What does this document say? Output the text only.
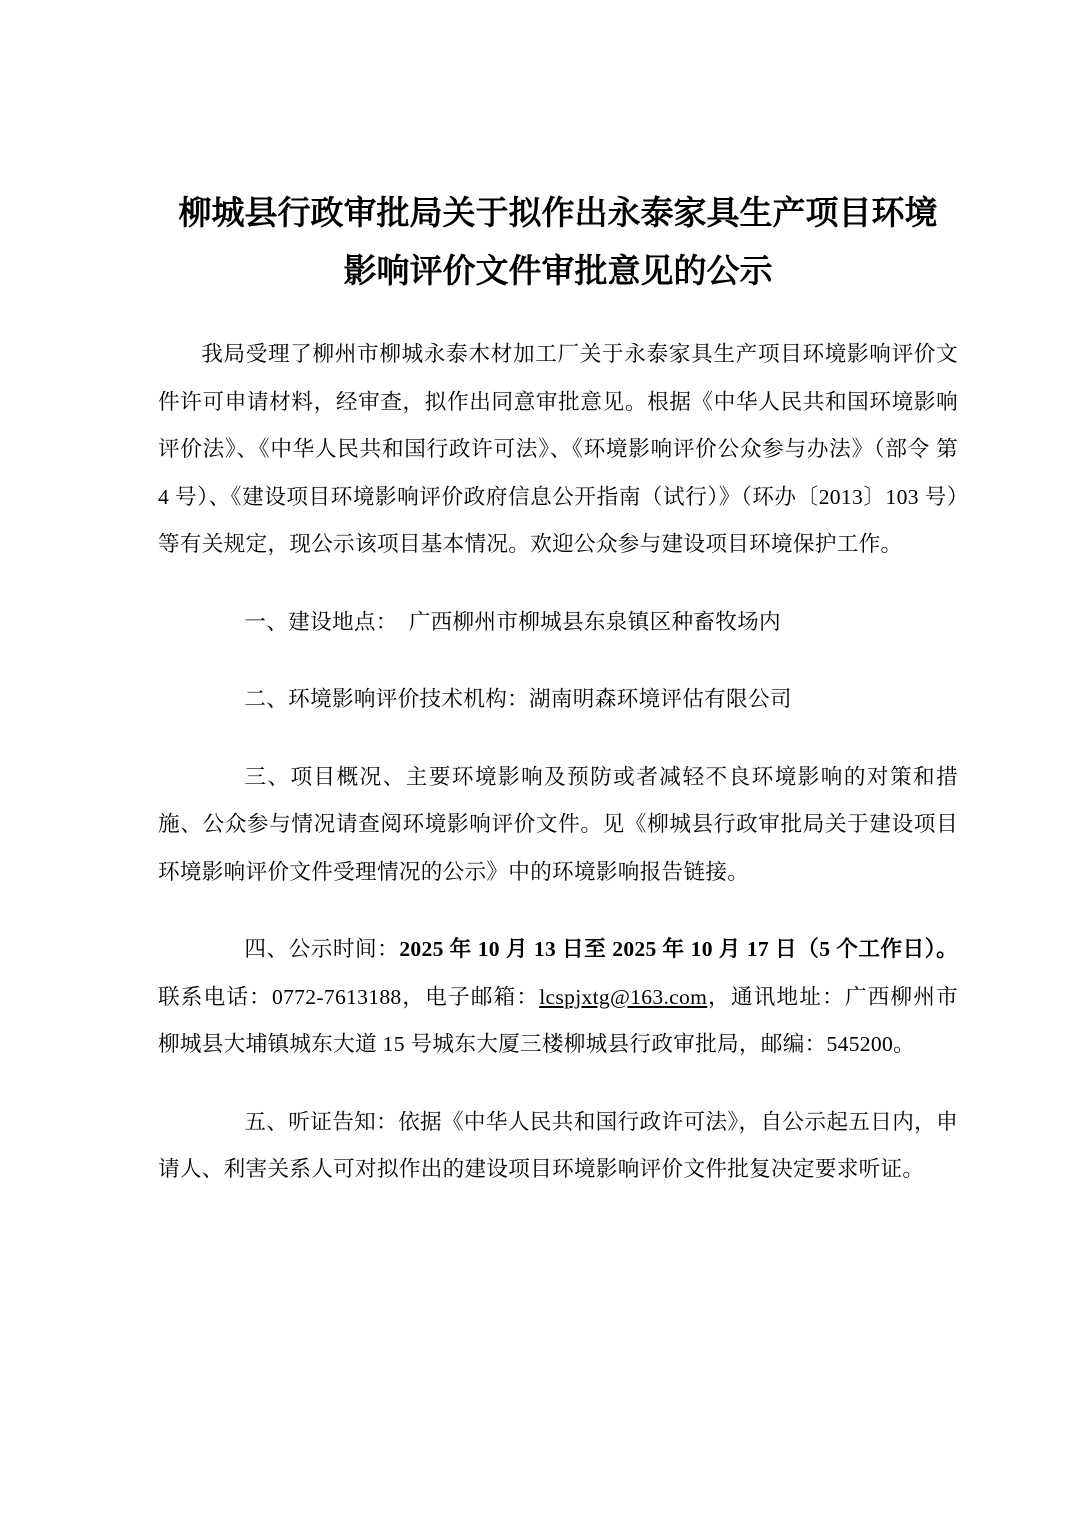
柳城县行政审批局关于拟作出永泰家具生产项目环境
影响评价文件审批意见的公示

我局受理了柳州市柳城永泰木材加工厂关于永泰家具生产项目环境影响评价文件许可申请材料，经审查，拟作出同意审批意见。根据《中华人民共和国环境影响评价法》、《中华人民共和国行政许可法》、《环境影响评价公众参与办法》（部令 第 4 号）、《建设项目环境影响评价政府信息公开指南（试行）》（环办〔2013〕103 号）等有关规定，现公示该项目基本情况。欢迎公众参与建设项目环境保护工作。

一、建设地点：　广西柳州市柳城县东泉镇区种畜牧场内

二、环境影响评价技术机构：湖南明森环境评估有限公司

三、项目概况、主要环境影响及预防或者减轻不良环境影响的对策和措施、公众参与情况请查阅环境影响评价文件。见《柳城县行政审批局关于建设项目环境影响评价文件受理情况的公示》中的环境影响报告链接。

四、公示时间：2025 年 10 月 13 日至 2025 年 10 月 17 日（5 个工作日）。联系电话：0772-7613188，电子邮箱：lcspjxtg@163.com，通讯地址：广西柳州市柳城县大埔镇城东大道 15 号城东大厦三楼柳城县行政审批局，邮编：545200。

五、听证告知：依据《中华人民共和国行政许可法》，自公示起五日内，申请人、利害关系人可对拟作出的建设项目环境影响评价文件批复决定要求听证。
